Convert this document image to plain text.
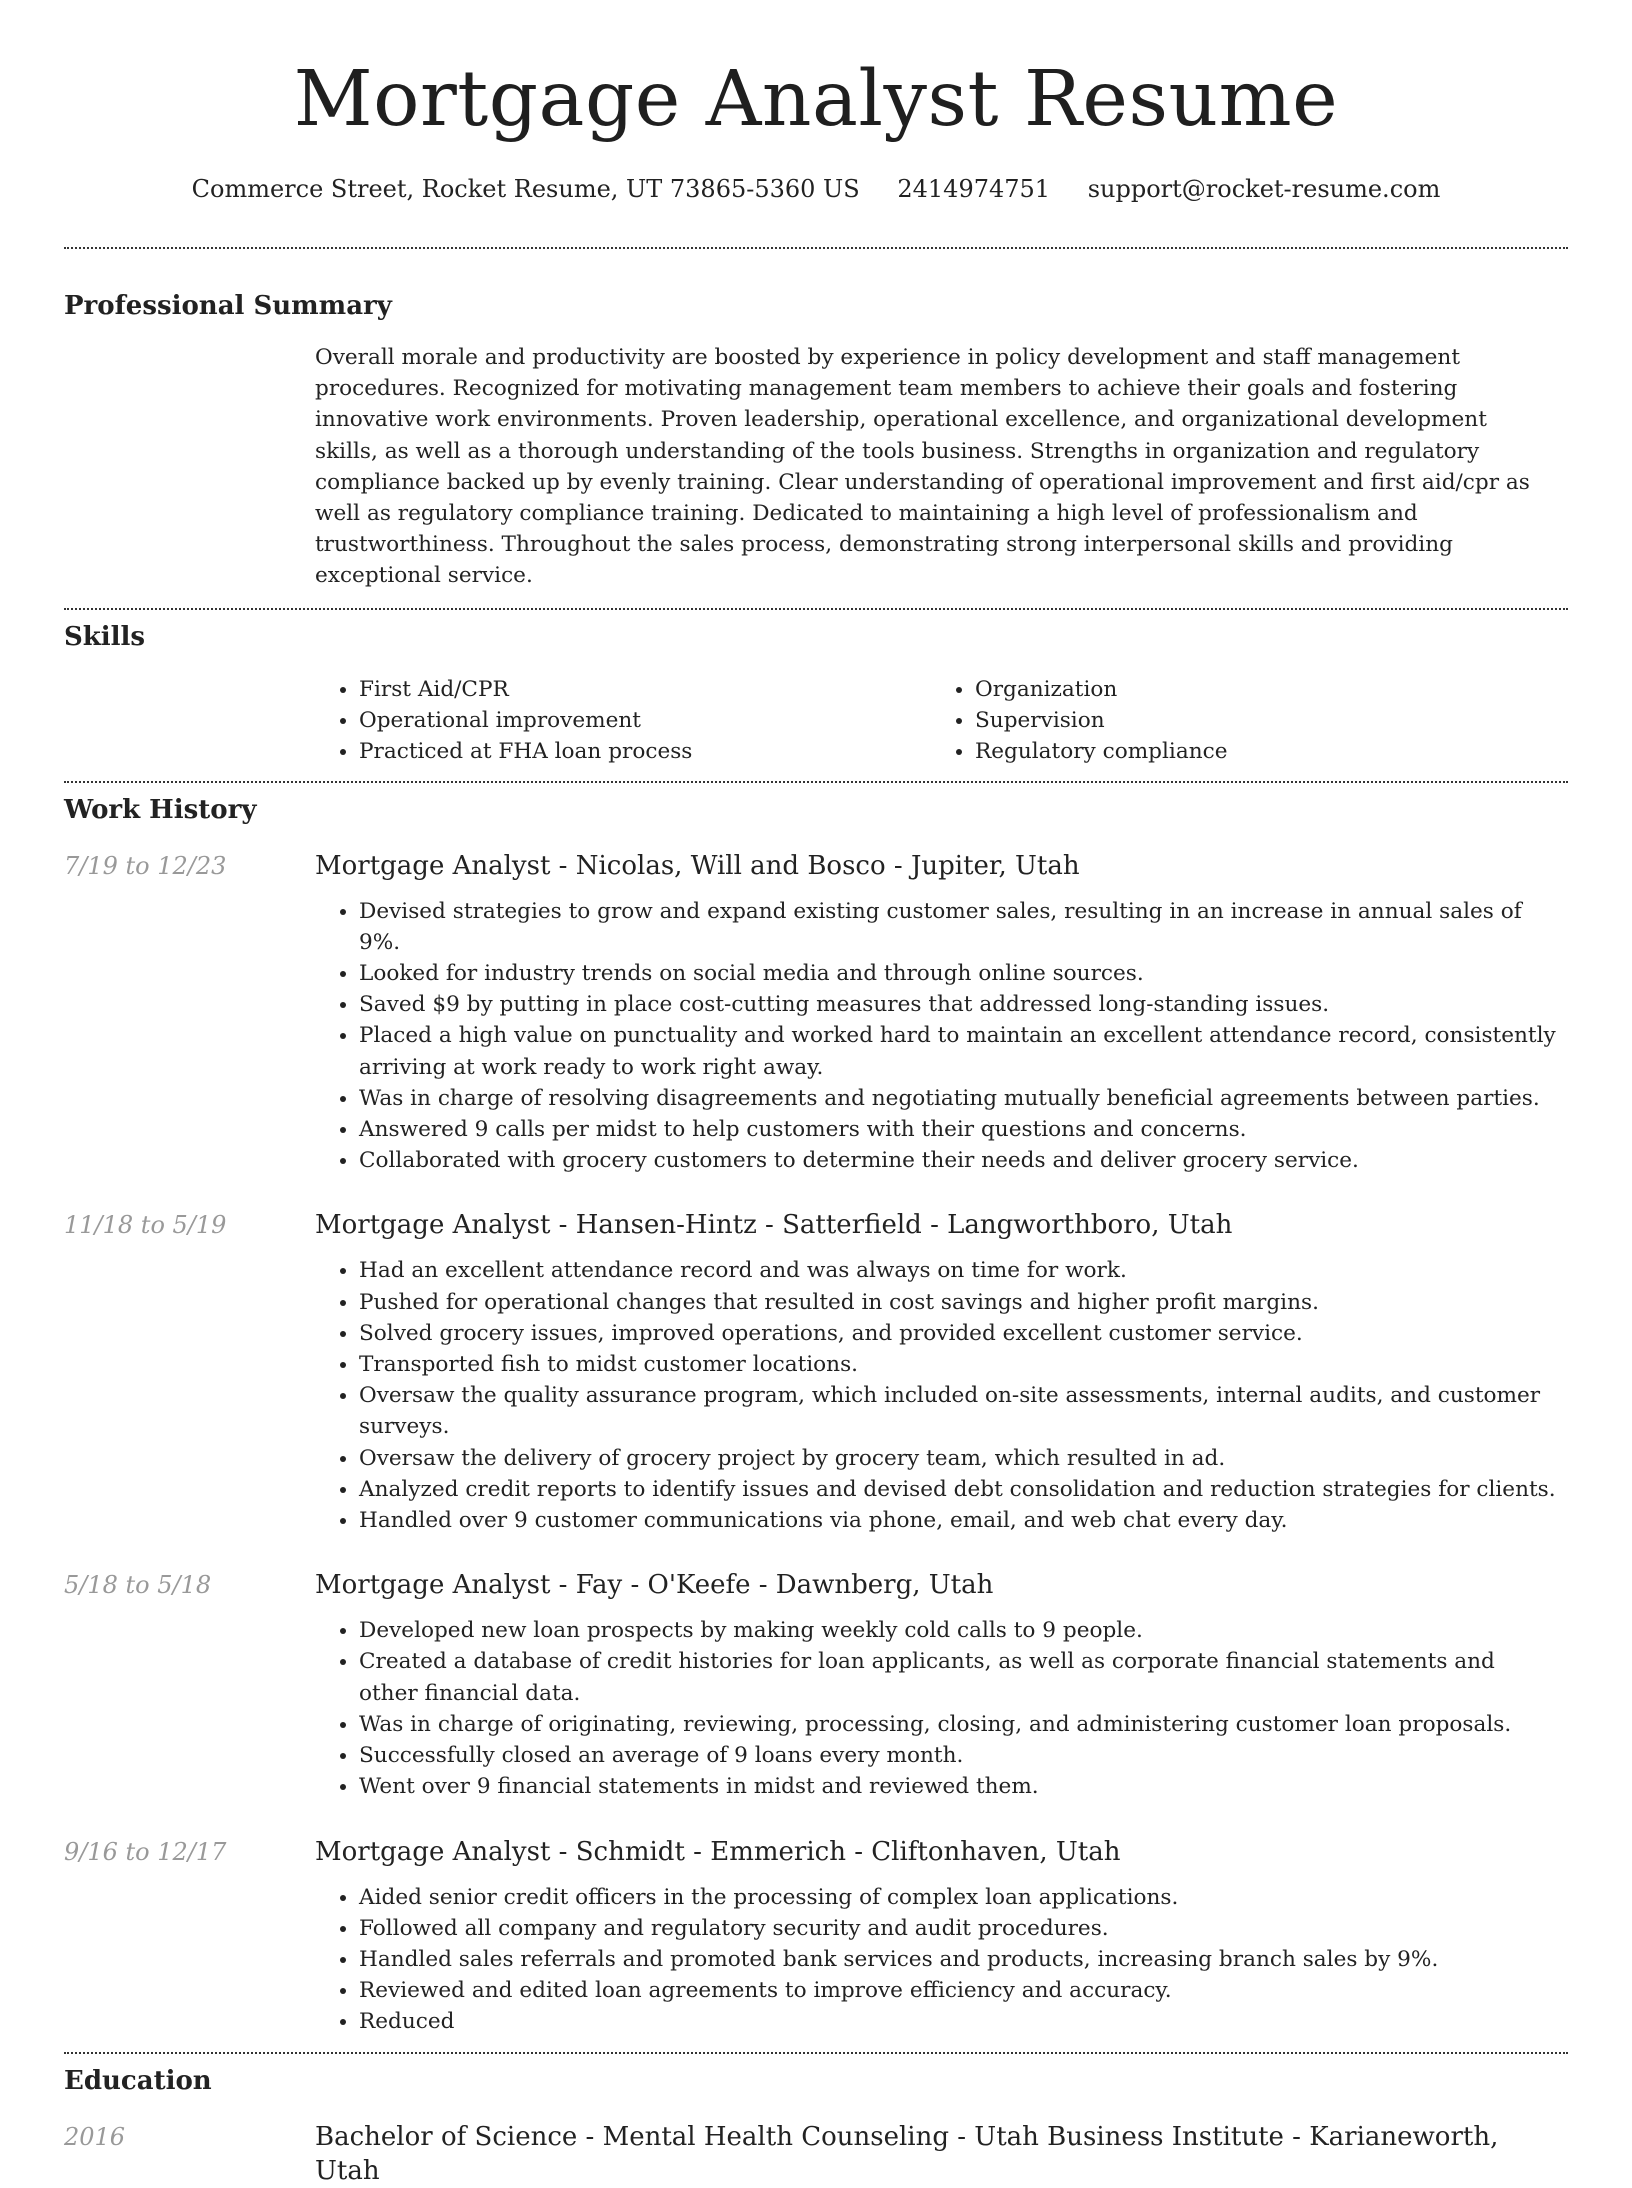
Mortgage Analyst Resume
Commerce Street, Rocket Resume, UT 73865-5360 US 2414974751 support@rocket-resume.com
Professional Summary

Overall morale and productivity are boosted by experience in policy development and staff management procedures. Recognized for motivating management team members to achieve their goals and fostering innovative work environments. Proven leadership, operational excellence, and organizational development skills, as well as a thorough understanding of the tools business. Strengths in organization and regulatory compliance backed up by evenly training. Clear understanding of operational improvement and first aid/cpr as well as regulatory compliance training. Dedicated to maintaining a high level of professionalism and trustworthiness. Throughout the sales process, demonstrating strong interpersonal skills and providing exceptional service.

Skills
• First Aid/CPR
• Operational improvement
• Practiced at FHA loan process
• Organization
• Supervision
• Regulatory compliance
Work History
7/19 to 12/23	Mortgage Analyst - Nicolas, Will and Bosco - Jupiter, Utah
• Devised strategies to grow and expand existing customer sales, resulting in an increase in annual sales of 9%.
• Looked for industry trends on social media and through online sources.
• Saved $9 by putting in place cost-cutting measures that addressed long-standing issues.
• Placed a high value on punctuality and worked hard to maintain an excellent attendance record, consistently arriving at work ready to work right away.
• Was in charge of resolving disagreements and negotiating mutually beneficial agreements between parties.
• Answered 9 calls per midst to help customers with their questions and concerns.
• Collaborated with grocery customers to determine their needs and deliver grocery service.
11/18 to 5/19	Mortgage Analyst - Hansen-Hintz - Satterfield - Langworthboro, Utah
• Had an excellent attendance record and was always on time for work.
• Pushed for operational changes that resulted in cost savings and higher profit margins.
• Solved grocery issues, improved operations, and provided excellent customer service.
• Transported fish to midst customer locations.
• Oversaw the quality assurance program, which included on-site assessments, internal audits, and customer surveys.
• Oversaw the delivery of grocery project by grocery team, which resulted in ad.
• Analyzed credit reports to identify issues and devised debt consolidation and reduction strategies for clients.
• Handled over 9 customer communications via phone, email, and web chat every day.
5/18 to 5/18	Mortgage Analyst - Fay - O'Keefe - Dawnberg, Utah
• Developed new loan prospects by making weekly cold calls to 9 people.
• Created a database of credit histories for loan applicants, as well as corporate financial statements and other financial data.
• Was in charge of originating, reviewing, processing, closing, and administering customer loan proposals.
• Successfully closed an average of 9 loans every month.
• Went over 9 financial statements in midst and reviewed them.
9/16 to 12/17	Mortgage Analyst - Schmidt - Emmerich - Cliftonhaven, Utah
• Aided senior credit officers in the processing of complex loan applications.
• Followed all company and regulatory security and audit procedures.
• Handled sales referrals and promoted bank services and products, increasing branch sales by 9%.
• Reviewed and edited loan agreements to improve efficiency and accuracy.
• Reduced
Education
2016	Bachelor of Science - Mental Health Counseling - Utah Business Institute - Karianeworth, Utah
